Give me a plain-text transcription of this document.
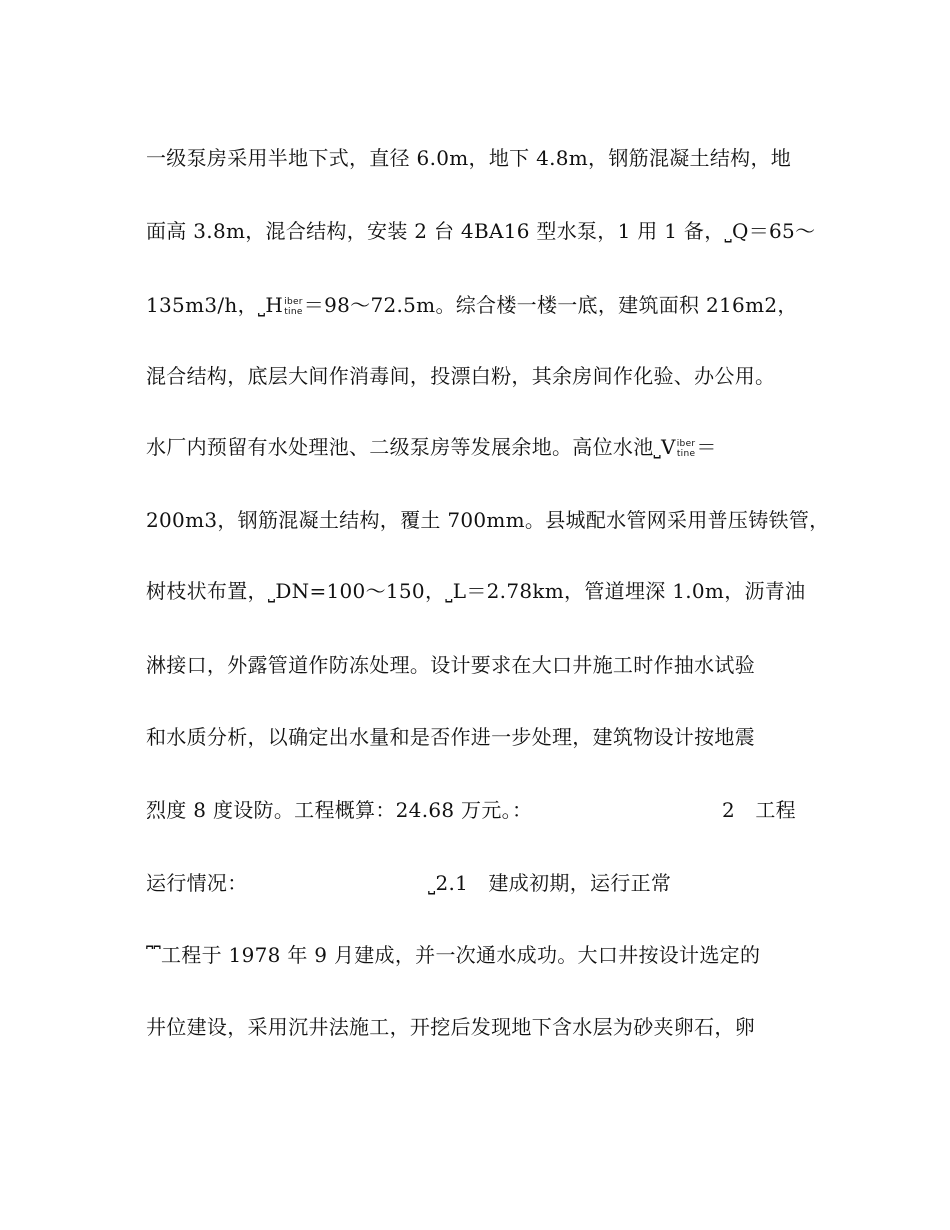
一级泵房采用半地下式，直径 6.0m，地下 4.8m，钢筋混凝土结构，地
面高 3.8m，混合结构，安装 2 台 4BA16 型水泵，1 用 1 备，⎵Q＝65～
135m3/h，⎵H iber
tine ＝98～72.5m。综合楼一楼一底，建筑面积 216m2，
混合结构，底层大间作消毒间，投漂白粉，其余房间作化验、办公用。
水厂内预留有水处理池、二级泵房等发展余地。高位水池⎵V iber
tine ＝
200m3，钢筋混凝土结构，覆土 700mm。县城配水管网采用普压铸铁管，
树枝状布置，⎵DN=100～150，⎵L＝2.78km，管道埋深 1.0m，沥青油
淋接口，外露管道作防冻处理。设计要求在大口井施工时作抽水试验
和水质分析，以确定出水量和是否作进一步处理，建筑物设计按地震
烈度 8 度设防。工程概算：24.68 万元。：	2　工程
运行情况：	⎵2.1　建成初期，运行正常
⎴⎴工程于 1978 年 9 月建成，并一次通水成功。大口井按设计选定的
井位建设，采用沉井法施工，开挖后发现地下含水层为砂夹卵石，卵
